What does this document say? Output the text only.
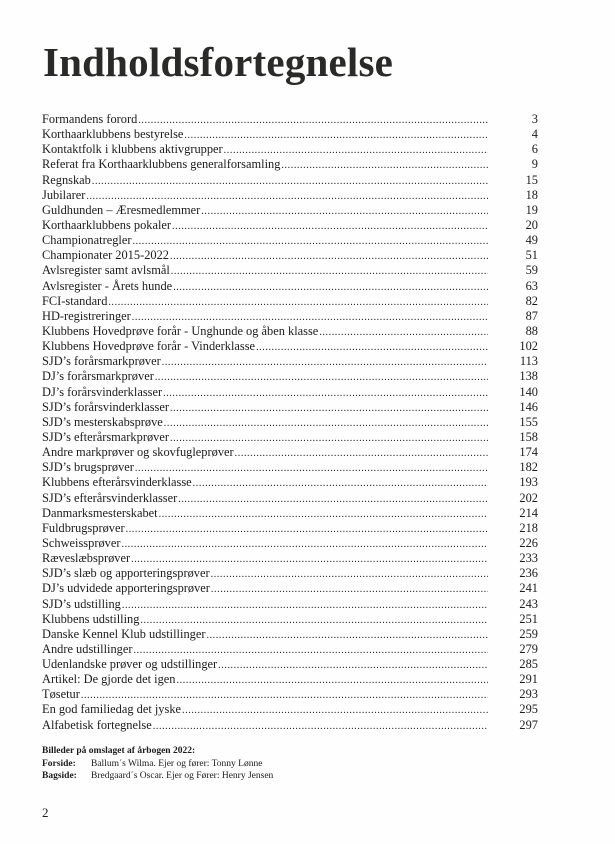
Indholdsfortegnelse
Formandens forord .....	3
Korthaarklubbens bestyrelse .....	4
Kontaktfolk i klubbens aktivgrupper .....	6
Referat fra Korthaarklubbens generalforsamling .....	9
Regnskab .....	15
Jubilarer .....	18
Guldhunden – Æresmedlemmer .....	19
Korthaarklubbens pokaler .....	20
Championatregler .....	49
Championater 2015-2022 .....	51
Avlsregister samt avlsmål .....	59
Avlsregister - Årets hunde .....	63
FCI-standard .....	82
HD-registreringer .....	87
Klubbens Hovedprøve forår - Unghunde og åben klasse .....	88
Klubbens Hovedprøve forår - Vinderklasse .....	102
SJD’s forårsmarkprøver .....	113
DJ’s forårsmarkprøver .....	138
DJ’s forårsvinderklasser .....	140
SJD’s forårsvinderklasser .....	146
SJD’s mesterskabsprøve .....	155
SJD’s efterårsmarkprøver .....	158
Andre markprøver og skovfugleprøver .....	174
SJD’s brugsprøver .....	182
Klubbens efterårsvinderklasse .....	193
SJD’s efterårsvinderklasser .....	202
Danmarksmesterskabet .....	214
Fuldbrugsprøver .....	218
Schweissprøver .....	226
Ræveslæbsprøver .....	233
SJD’s slæb og apporteringsprøver .....	236
DJ’s udvidede apporteringsprøver .....	241
SJD’s udstilling .....	243
Klubbens udstilling .....	251
Danske Kennel Klub udstillinger .....	259
Andre udstillinger .....	279
Udenlandske prøver og udstillinger .....	285
Artikel: De gjorde det igen .....	291
Tøsetur .....	293
En god familiedag det jyske .....	295
Alfabetisk fortegnelse .....	297
Billeder på omslaget af årbogen 2022:
Forside:	Ballum´s Wilma. Ejer og fører: Tonny Lønne
Bagside:	Bredgaard´s Oscar. Ejer og Fører: Henry Jensen
2
